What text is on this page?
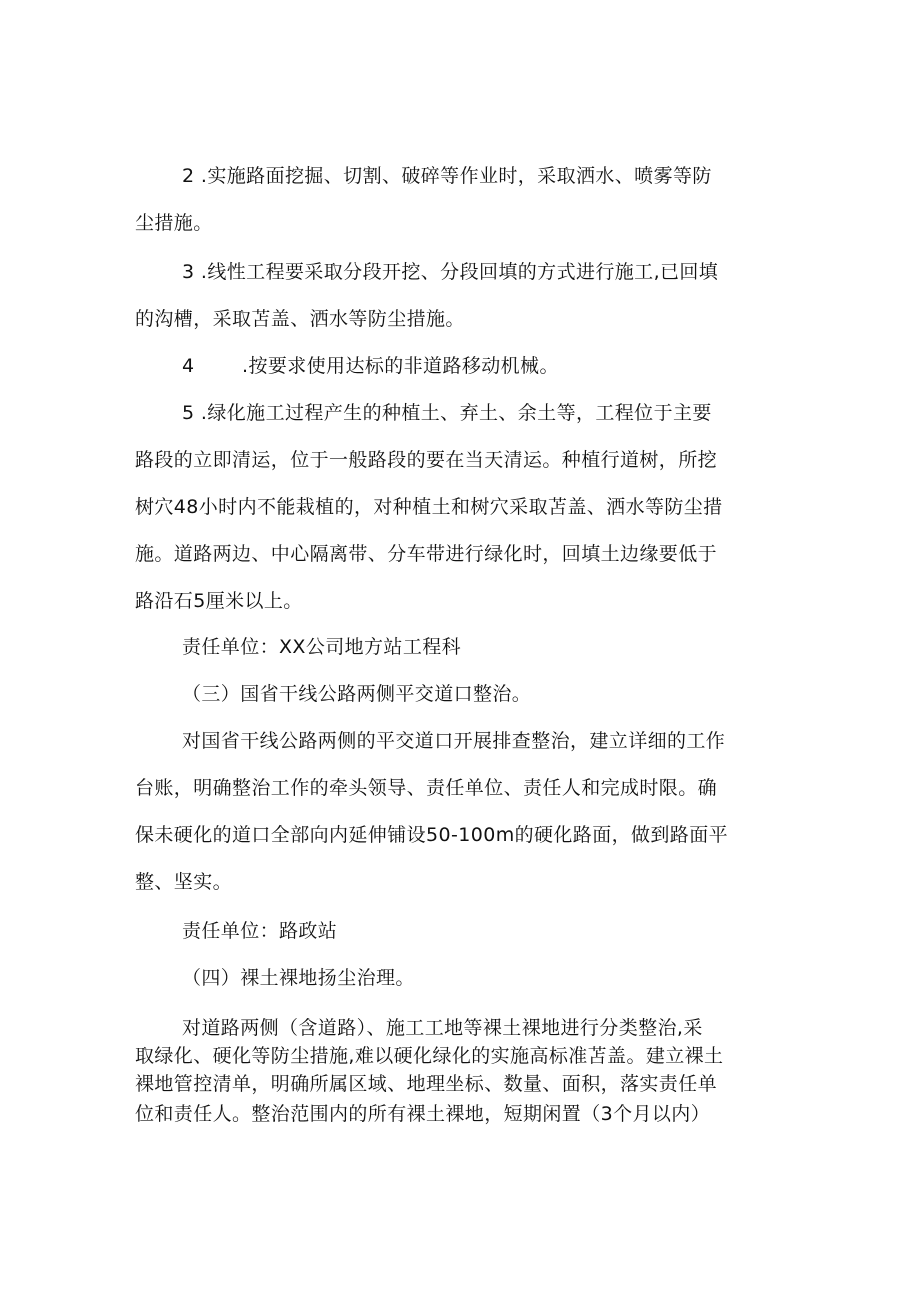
2 .实施路面挖掘、切割、破碎等作业时，采取洒水、喷雾等防
尘措施。
3 .线性工程要采取分段开挖、分段回填的方式进行施工,已回填
的沟槽，采取苫盖、洒水等防尘措施。
4	.按要求使用达标的非道路移动机械。
5 .绿化施工过程产生的种植土、弃土、余土等，工程位于主要
路段的立即清运，位于一般路段的要在当天清运。种植行道树，所挖
树穴48小时内不能栽植的，对种植土和树穴采取苫盖、洒水等防尘措
施。道路两边、中心隔离带、分车带进行绿化时，回填土边缘要低于
路沿石5厘米以上。
责任单位：XX公司地方站工程科
（三）国省干线公路两侧平交道口整治。
对国省干线公路两侧的平交道口开展排查整治，建立详细的工作
台账，明确整治工作的牵头领导、责任单位、责任人和完成时限。确
保未硬化的道口全部向内延伸铺设50-100m的硬化路面，做到路面平
整、坚实。
责任单位：路政站
（四）裸土裸地扬尘治理。
对道路两侧（含道路）、施工工地等裸土裸地进行分类整治,采
取绿化、硬化等防尘措施,难以硬化绿化的实施高标准苫盖。建立裸土
裸地管控清单，明确所属区域、地理坐标、数量、面积，落实责任单
位和责任人。整治范围内的所有裸土裸地，短期闲置（3个月以内）
